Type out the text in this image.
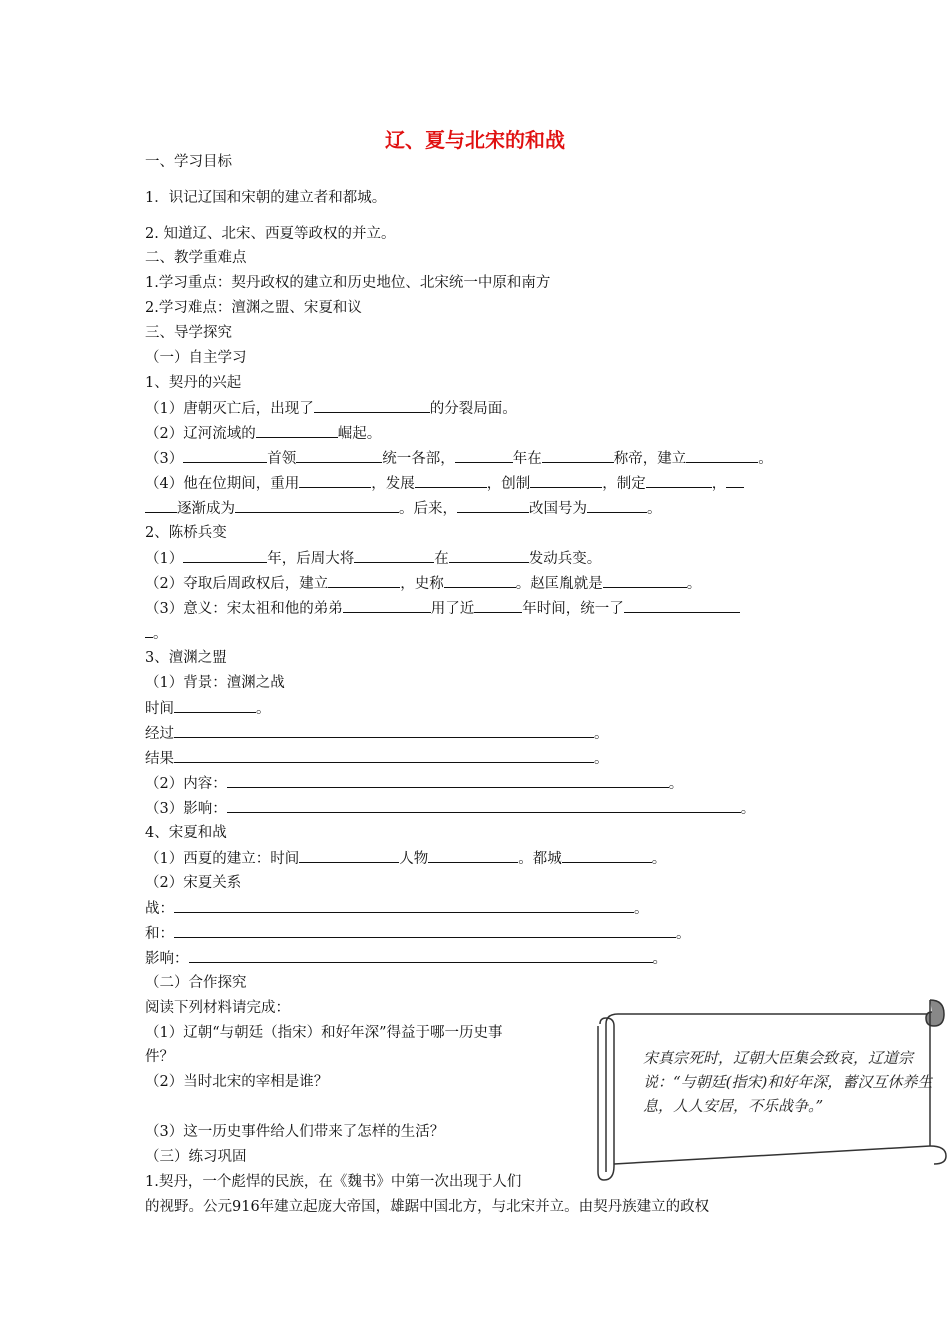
辽、夏与北宋的和战
一、学习目标
1．识记辽国和宋朝的建立者和都城。
2. 知道辽、北宋、西夏等政权的并立。
二、教学重难点
1.学习重点：契丹政权的建立和历史地位、北宋统一中原和南方
2.学习难点：澶渊之盟、宋夏和议
三、导学探究
（一）自主学习
1、契丹的兴起
（1）唐朝灭亡后，出现了	的分裂局面。
（2）辽河流域的	崛起。
（3）	首领	统一各部，	年在	称帝，建立	。
（4）他在位期间，重用	，发展	，创制	，制定	，
逐渐成为	。后来，	改国号为	。
2、陈桥兵变
（1）	年，后周大将	在	发动兵变。
（2）夺取后周政权后，建立	，史称	。赵匡胤就是	。
（3）意义：宋太祖和他的弟弟	用了近	年时间，统一了
。
3、澶渊之盟
（1）背景：澶渊之战
时间	。
经过	。
结果	。
（2）内容：	。
（3）影响：	。
4、宋夏和战
（1）西夏的建立：时间	人物	。都城	。
（2）宋夏关系
战：	。
和：	。
影响：	。
（二）合作探究
阅读下列材料请完成：
（1）辽朝“与朝廷（指宋）和好年深”得益于哪一历史事
件？
（2）当时北宋的宰相是谁？
（3）这一历史事件给人们带来了怎样的生活？
（三）练习巩固
1.契丹，一个彪悍的民族，在《魏书》中第一次出现于人们
的视野。公元916年建立起庞大帝国，雄踞中国北方，与北宋并立。由契丹族建立的政权
宋真宗死时，辽朝大臣集会致哀，辽道宗说：“与朝廷(指宋)和好年深，蓄汉互休养生息，人人安居，不乐战争。”
